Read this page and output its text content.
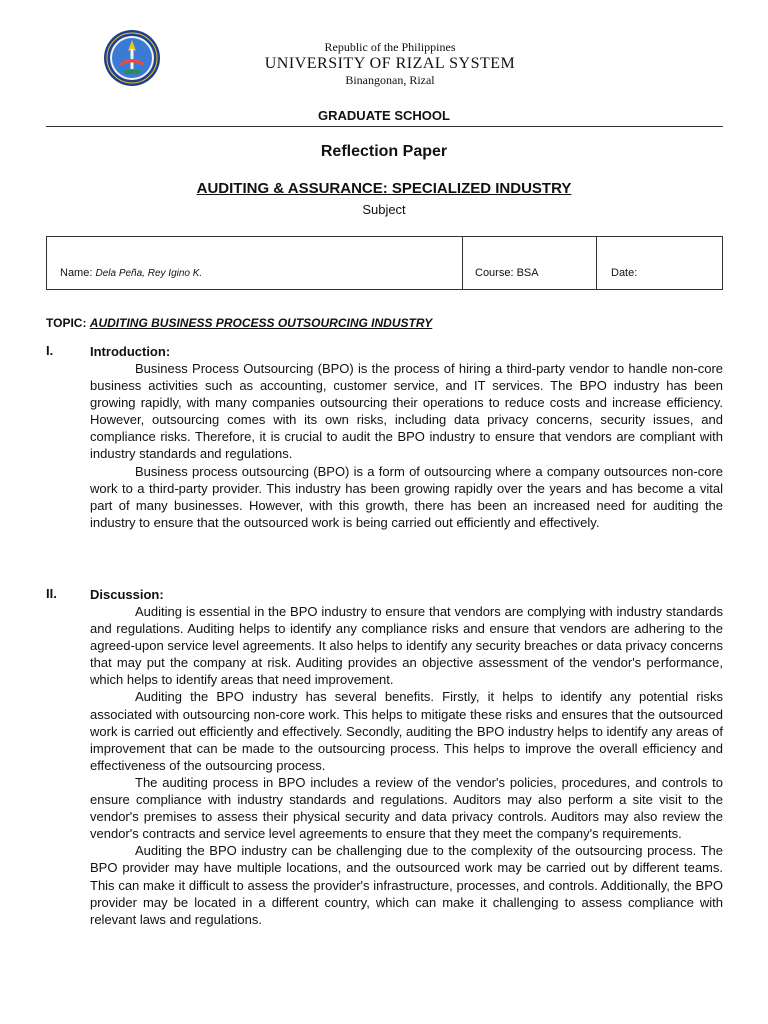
Republic of the Philippines
UNIVERSITY OF RIZAL SYSTEM
Binangonan, Rizal
GRADUATE SCHOOL
Reflection Paper
AUDITING & ASSURANCE: SPECIALIZED INDUSTRY
Subject
Name: Dela Peña, Rey Igino K.	Course: BSA	Date:
TOPIC: AUDITING BUSINESS PROCESS OUTSOURCING INDUSTRY
I.	Introduction:
Business Process Outsourcing (BPO) is the process of hiring a third-party vendor to handle non-core business activities such as accounting, customer service, and IT services. The BPO industry has been growing rapidly, with many companies outsourcing their operations to reduce costs and increase efficiency. However, outsourcing comes with its own risks, including data privacy concerns, security issues, and compliance risks. Therefore, it is crucial to audit the BPO industry to ensure that vendors are compliant with industry standards and regulations.
Business process outsourcing (BPO) is a form of outsourcing where a company outsources non-core work to a third-party provider. This industry has been growing rapidly over the years and has become a vital part of many businesses. However, with this growth, there has been an increased need for auditing the industry to ensure that the outsourced work is being carried out efficiently and effectively.
II.	Discussion:
Auditing is essential in the BPO industry to ensure that vendors are complying with industry standards and regulations. Auditing helps to identify any compliance risks and ensure that vendors are adhering to the agreed-upon service level agreements. It also helps to identify any security breaches or data privacy concerns that may put the company at risk. Auditing provides an objective assessment of the vendor's performance, which helps to identify areas that need improvement.
Auditing the BPO industry has several benefits. Firstly, it helps to identify any potential risks associated with outsourcing non-core work. This helps to mitigate these risks and ensures that the outsourced work is carried out efficiently and effectively. Secondly, auditing the BPO industry helps to identify any areas of improvement that can be made to the outsourcing process. This helps to improve the overall efficiency and effectiveness of the outsourcing process.
The auditing process in BPO includes a review of the vendor's policies, procedures, and controls to ensure compliance with industry standards and regulations. Auditors may also perform a site visit to the vendor's premises to assess their physical security and data privacy controls. Auditors may also review the vendor's contracts and service level agreements to ensure that they meet the company's requirements.
Auditing the BPO industry can be challenging due to the complexity of the outsourcing process. The BPO provider may have multiple locations, and the outsourced work may be carried out by different teams. This can make it difficult to assess the provider's infrastructure, processes, and controls. Additionally, the BPO provider may be located in a different country, which can make it challenging to assess compliance with relevant laws and regulations.
